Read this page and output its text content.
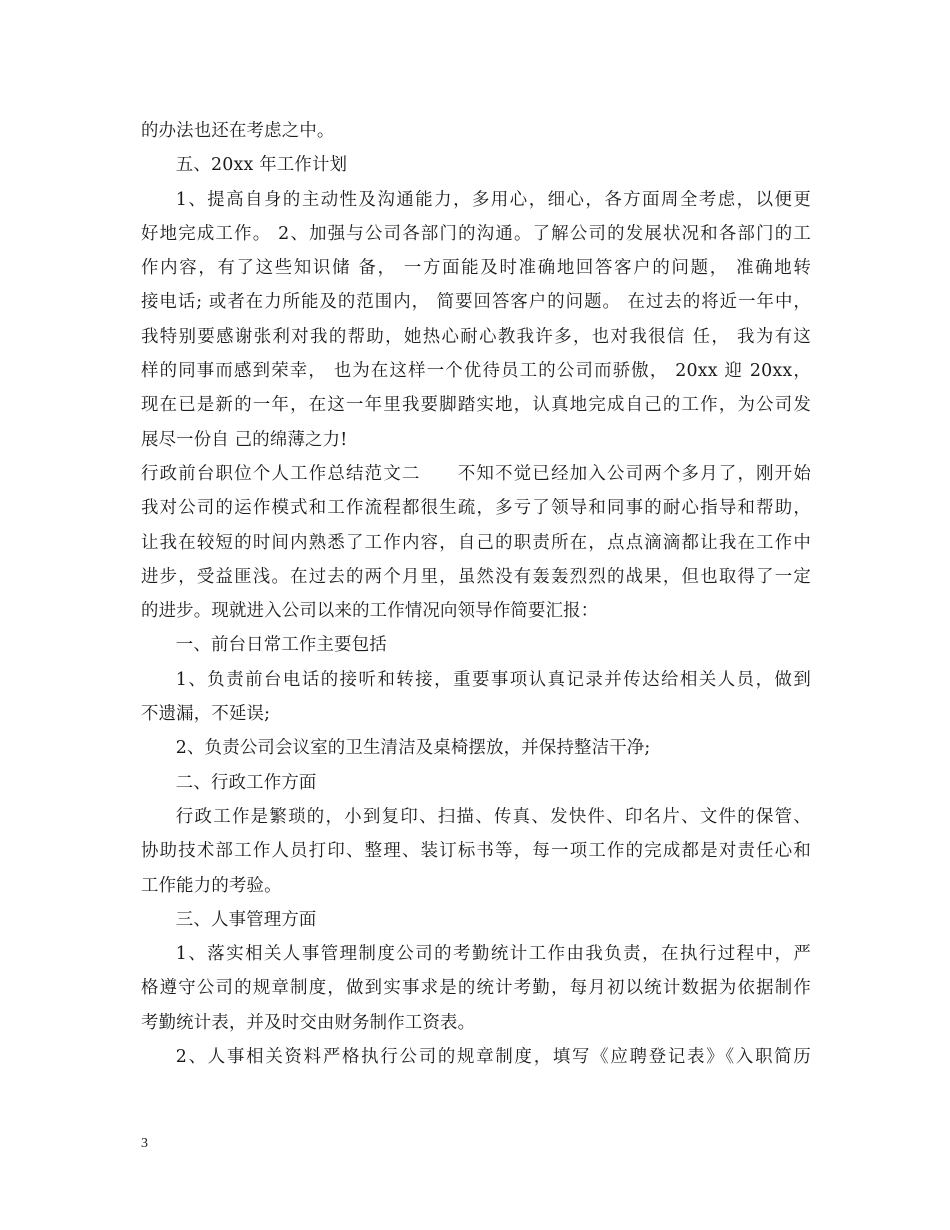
的办法也还在考虑之中。
五、20xx 年工作计划
1、提高自身的主动性及沟通能力，多用心，细心，各方面周全考虑，以便更
好地完成工作。 2、加强与公司各部门的沟通。了解公司的发展状况和各部门的工
作内容，有了这些知识储 备， 一方面能及时准确地回答客户的问题， 准确地转
接电话; 或者在力所能及的范围内， 简要回答客户的问题。 在过去的将近一年中，
我特别要感谢张利对我的帮助，她热心耐心教我许多，也对我很信 任， 我为有这
样的同事而感到荣幸， 也为在这样一个优待员工的公司而骄傲， 20xx 迎 20xx，
现在已是新的一年，在这一年里我要脚踏实地，认真地完成自己的工作，为公司发
展尽一份自 己的绵薄之力!
行政前台职位个人工作总结范文二　　不知不觉已经加入公司两个多月了，刚开始
我对公司的运作模式和工作流程都很生疏，多亏了领导和同事的耐心指导和帮助，
让我在较短的时间内熟悉了工作内容，自己的职责所在，点点滴滴都让我在工作中
进步，受益匪浅。在过去的两个月里，虽然没有轰轰烈烈的战果，但也取得了一定
的进步。现就进入公司以来的工作情况向领导作简要汇报：
一、前台日常工作主要包括
1、负责前台电话的接听和转接，重要事项认真记录并传达给相关人员，做到
不遗漏，不延误;
2、负责公司会议室的卫生清洁及桌椅摆放，并保持整洁干净;
二、行政工作方面
行政工作是繁琐的，小到复印、扫描、传真、发快件、印名片、文件的保管、
协助技术部工作人员打印、整理、装订标书等，每一项工作的完成都是对责任心和
工作能力的考验。
三、人事管理方面
1、落实相关人事管理制度公司的考勤统计工作由我负责，在执行过程中，严
格遵守公司的规章制度，做到实事求是的统计考勤，每月初以统计数据为依据制作
考勤统计表，并及时交由财务制作工资表。
2、人事相关资料严格执行公司的规章制度，填写《应聘登记表》《入职简历
3
